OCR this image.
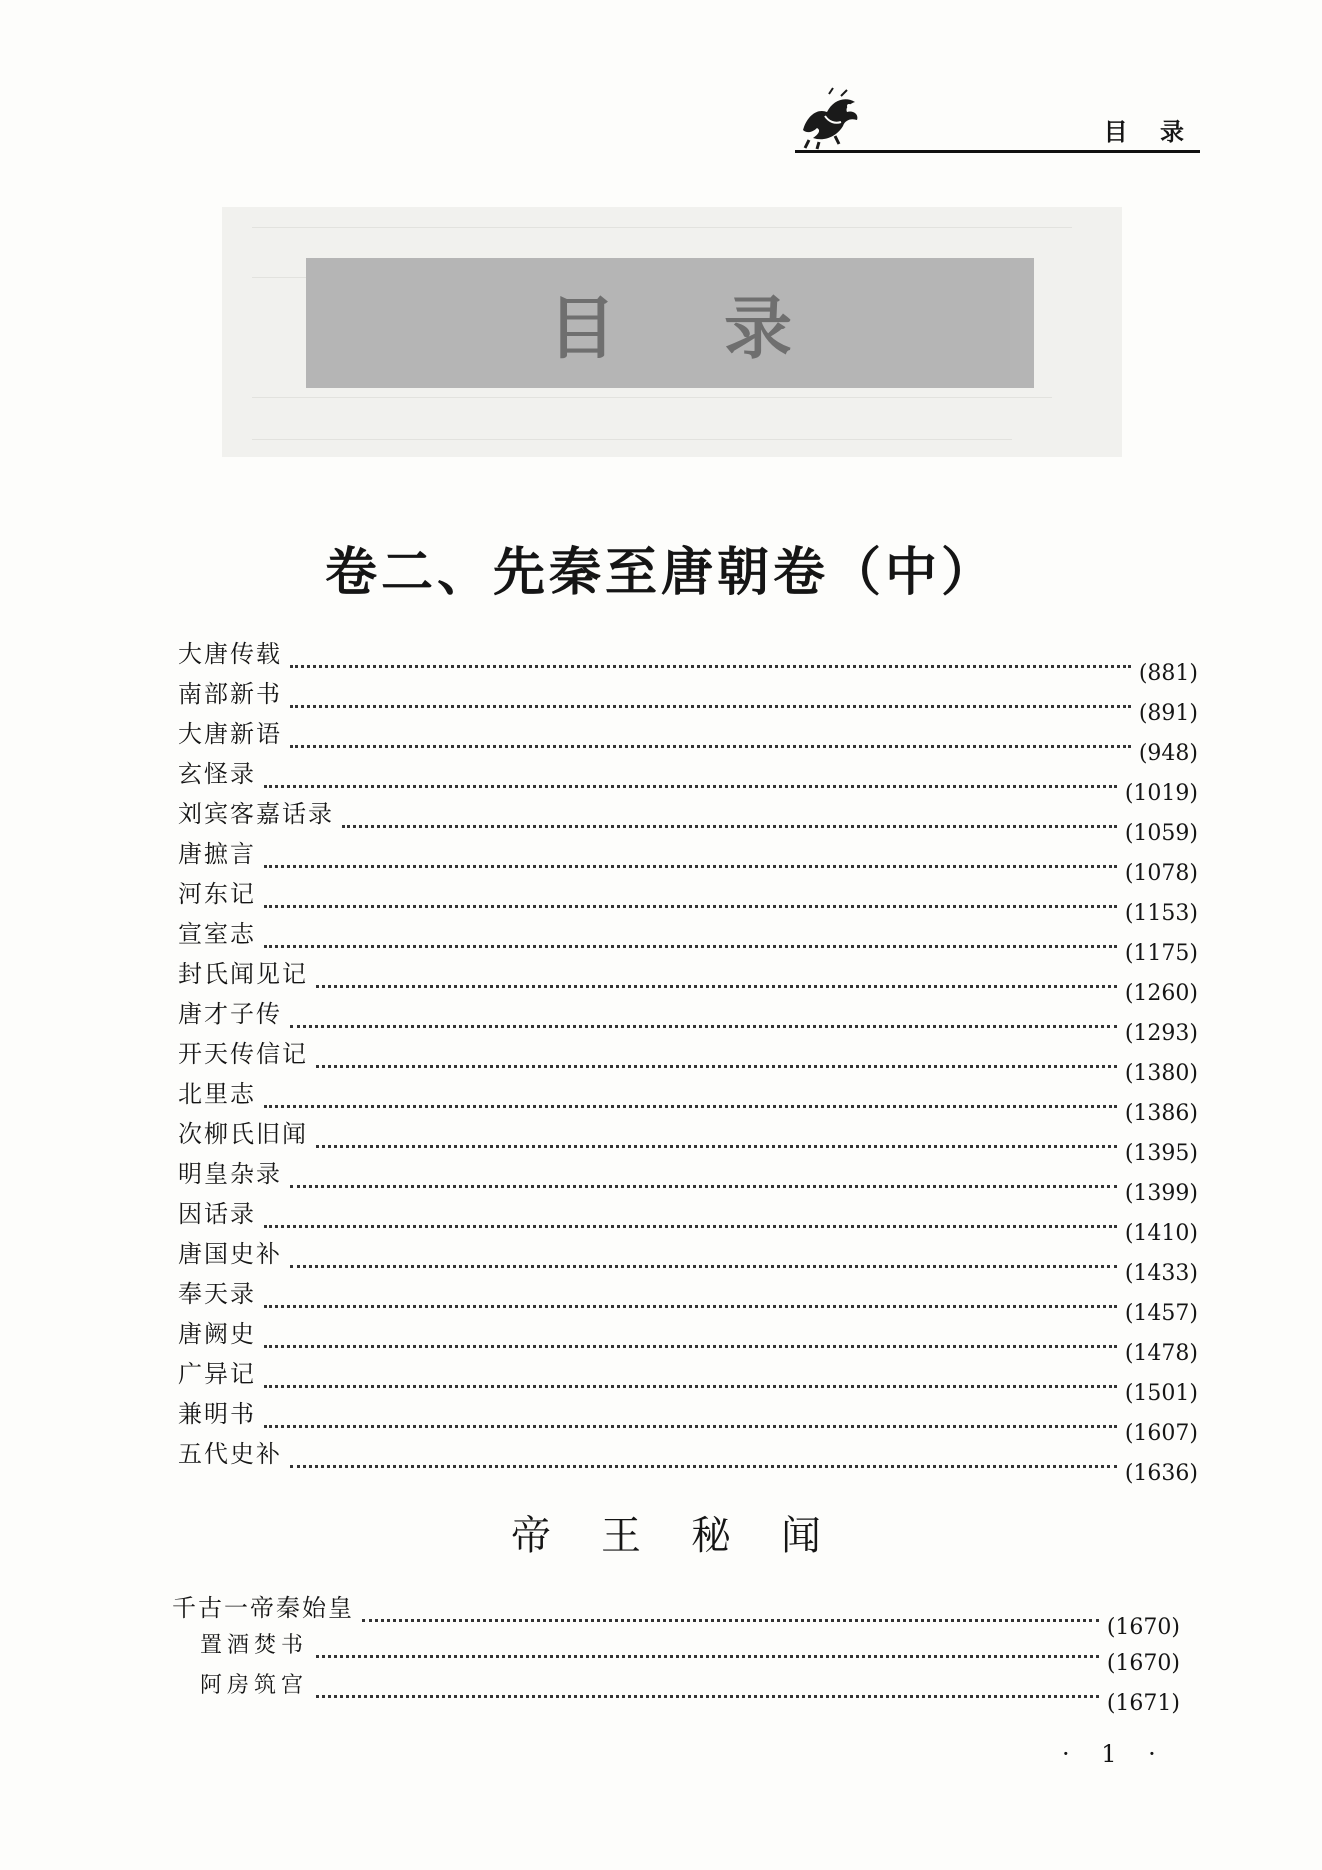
目 录
目录
卷二、先秦至唐朝卷（中）
大唐传载
(881)
南部新书
(891)
大唐新语
(948)
玄怪录
(1019)
刘宾客嘉话录
(1059)
唐摭言
(1078)
河东记
(1153)
宣室志
(1175)
封氏闻见记
(1260)
唐才子传
(1293)
开天传信记
(1380)
北里志
(1386)
次柳氏旧闻
(1395)
明皇杂录
(1399)
因话录
(1410)
唐国史补
(1433)
奉天录
(1457)
唐阙史
(1478)
广异记
(1501)
兼明书
(1607)
五代史补
(1636)
帝王秘闻
千古一帝秦始皇
(1670)
置酒焚书
(1670)
阿房筑宫
(1671)
· 1 ·
